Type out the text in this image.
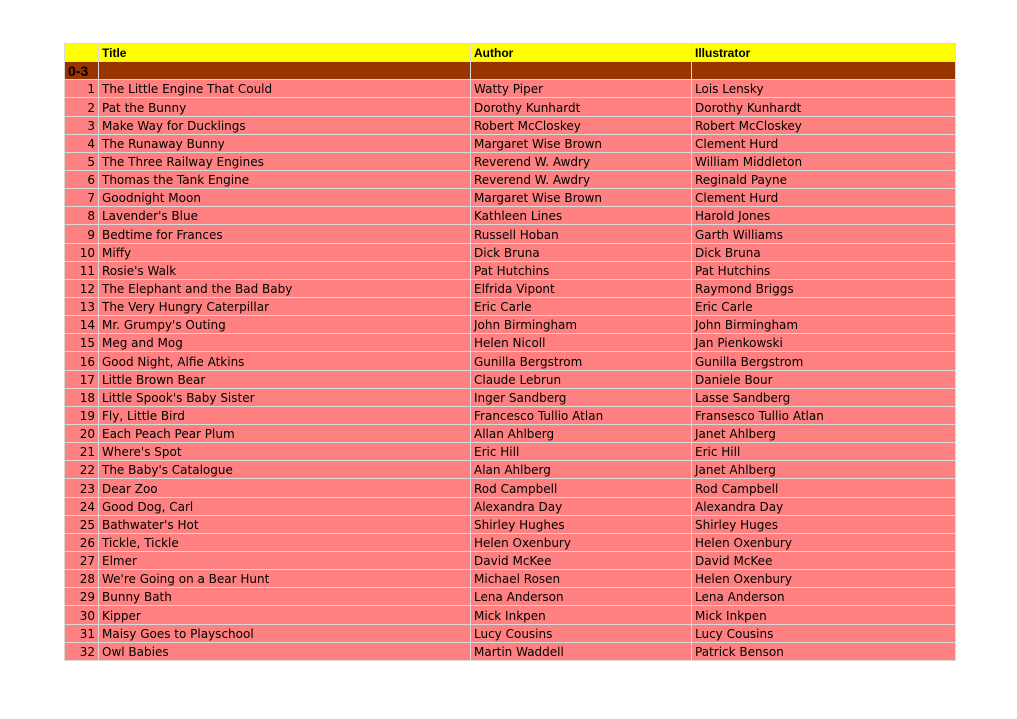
	Title	Author	Illustrator
0-3			
1	The Little Engine That Could	Watty Piper	Lois Lensky
2	Pat the Bunny	Dorothy Kunhardt	Dorothy Kunhardt
3	Make Way for Ducklings	Robert McCloskey	Robert McCloskey
4	The Runaway Bunny	Margaret Wise Brown	Clement Hurd
5	The Three Railway Engines	Reverend W. Awdry	William Middleton
6	Thomas the Tank Engine	Reverend W. Awdry	Reginald Payne
7	Goodnight Moon	Margaret Wise Brown	Clement Hurd
8	Lavender's Blue	Kathleen Lines	Harold Jones
9	Bedtime for Frances	Russell Hoban	Garth Williams
10	Miffy	Dick Bruna	Dick Bruna
11	Rosie's Walk	Pat Hutchins	Pat Hutchins
12	The Elephant and the Bad Baby	Elfrida Vipont	Raymond Briggs
13	The Very Hungry Caterpillar	Eric Carle	Eric Carle
14	Mr. Grumpy's Outing	John Birmingham	John Birmingham
15	Meg and Mog	Helen Nicoll	Jan Pienkowski
16	Good Night, Alfie Atkins	Gunilla Bergstrom	Gunilla Bergstrom
17	Little Brown Bear	Claude Lebrun	Daniele Bour
18	Little Spook's Baby Sister	Inger Sandberg	Lasse Sandberg
19	Fly, Little Bird	Francesco Tullio Atlan	Fransesco Tullio Atlan
20	Each Peach Pear Plum	Allan Ahlberg	Janet Ahlberg
21	Where's Spot	Eric Hill	Eric Hill
22	The Baby's Catalogue	Alan Ahlberg	Janet Ahlberg
23	Dear Zoo	Rod Campbell	Rod Campbell
24	Good Dog, Carl	Alexandra Day	Alexandra Day
25	Bathwater's Hot	Shirley Hughes	Shirley Huges
26	Tickle, Tickle	Helen Oxenbury	Helen Oxenbury
27	Elmer	David McKee	David McKee
28	We're Going on a Bear Hunt	Michael Rosen	Helen Oxenbury
29	Bunny Bath	Lena Anderson	Lena Anderson
30	Kipper	Mick Inkpen	Mick Inkpen
31	Maisy Goes to Playschool	Lucy Cousins	Lucy Cousins
32	Owl Babies	Martin Waddell	Patrick Benson
